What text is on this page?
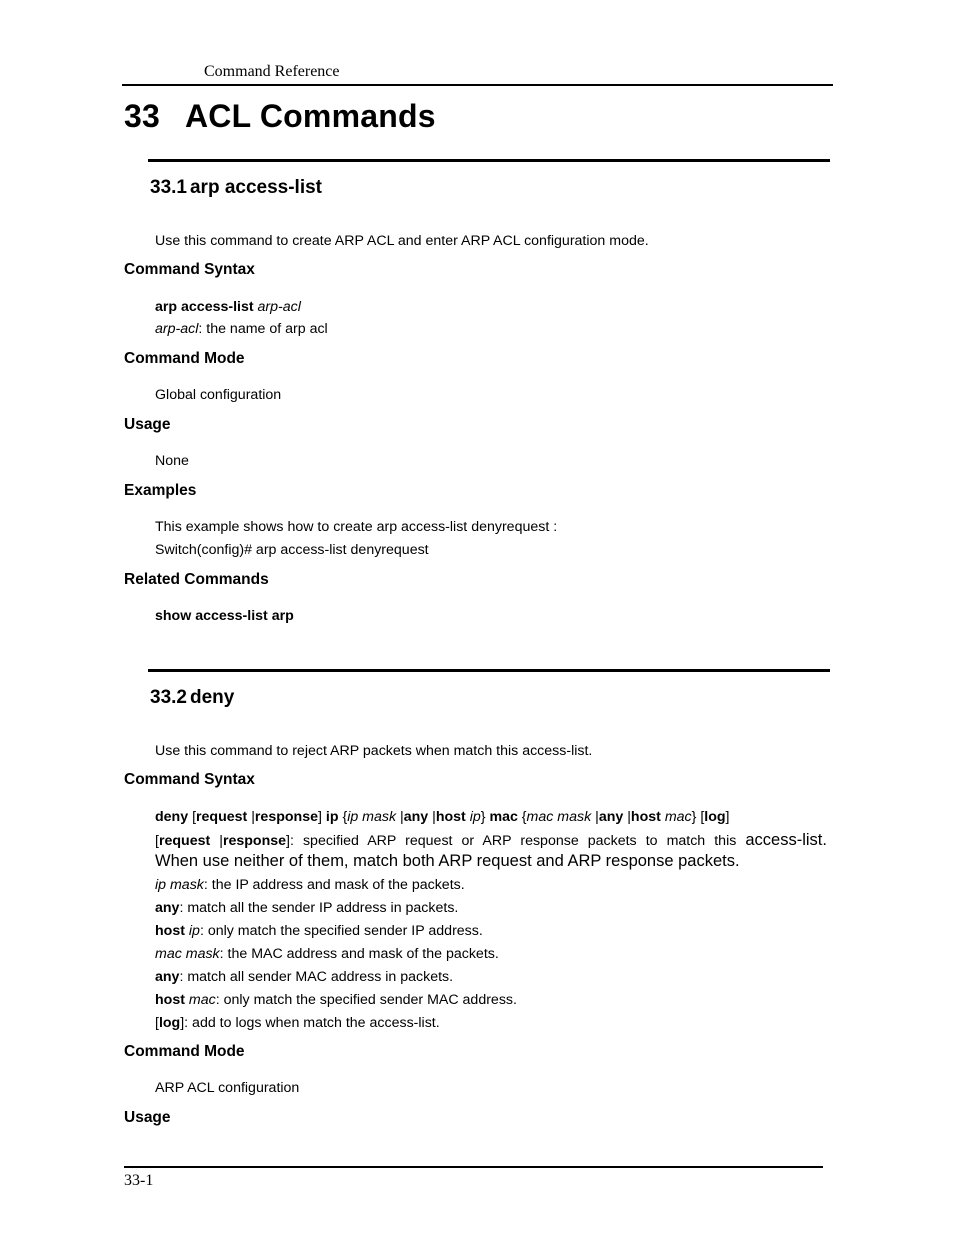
Command Reference
33 ACL Commands
33.1 arp access-list
Use this command to create ARP ACL and enter ARP ACL configuration mode.
Command Syntax
arp access-list arp-acl
arp-acl: the name of arp acl
Command Mode
Global configuration
Usage
None
Examples
This example shows how to create arp access-list denyrequest :
Switch(config)# arp access-list denyrequest
Related Commands
show access-list arp
33.2 deny
Use this command to reject ARP packets when match this access-list.
Command Syntax
deny [request |response] ip {ip mask |any |host ip} mac {mac mask |any |host mac} [log]
[request |response]: specified ARP request or ARP response packets to match this access-list.
When use neither of them, match both ARP request and ARP response packets.
ip mask: the IP address and mask of the packets.
any: match all the sender IP address in packets.
host ip: only match the specified sender IP address.
mac mask: the MAC address and mask of the packets.
any: match all sender MAC address in packets.
host mac: only match the specified sender MAC address.
[log]: add to logs when match the access-list.
Command Mode
ARP ACL configuration
Usage
33-1
